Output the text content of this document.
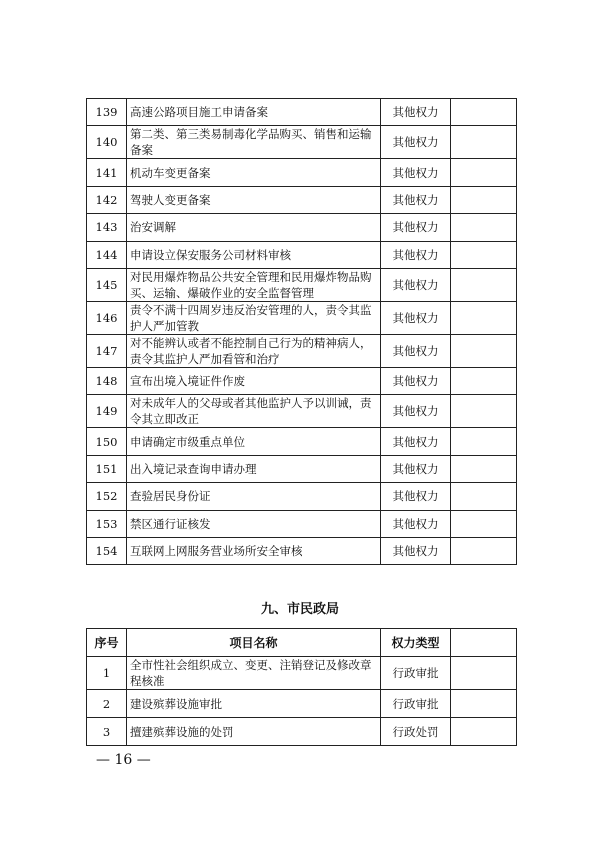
139	高速公路项目施工申请备案	其他权力	
140	第二类、第三类易制毒化学品购买、销售和运输备案	其他权力	
141	机动车变更备案	其他权力	
142	驾驶人变更备案	其他权力	
143	治安调解	其他权力	
144	申请设立保安服务公司材料审核	其他权力	
145	对民用爆炸物品公共安全管理和民用爆炸物品购买、运输、爆破作业的安全监督管理	其他权力	
146	责令不满十四周岁违反治安管理的人，责令其监护人严加管教	其他权力	
147	对不能辨认或者不能控制自己行为的精神病人，责令其监护人严加看管和治疗	其他权力	
148	宣布出境入境证件作废	其他权力	
149	对未成年人的父母或者其他监护人予以训诫，责令其立即改正	其他权力	
150	申请确定市级重点单位	其他权力	
151	出入境记录查询申请办理	其他权力	
152	查验居民身份证	其他权力	
153	禁区通行证核发	其他权力	
154	互联网上网服务营业场所安全审核	其他权力	
九、市民政局
序号	项目名称	权力类型	
1	全市性社会组织成立、变更、注销登记及修改章程核准	行政审批	
2	建设殡葬设施审批	行政审批	
3	擅建殡葬设施的处罚	行政处罚	
— 16 —
